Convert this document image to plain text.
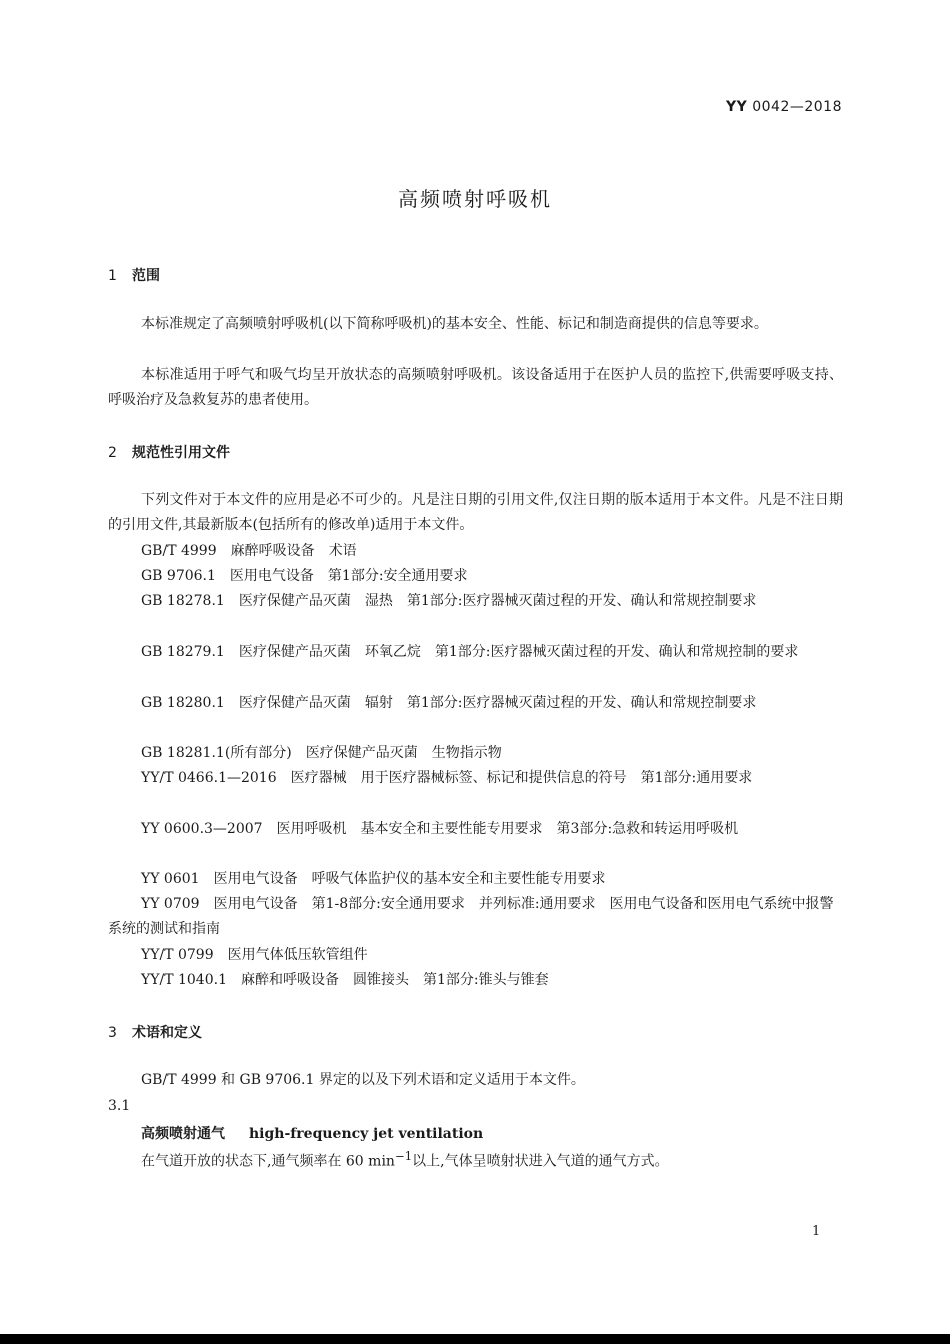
YY 0042—2018
高频喷射呼吸机
1 范围
本标准规定了高频喷射呼吸机(以下简称呼吸机)的基本安全、性能、标记和制造商提供的信息等要求。
本标准适用于呼气和吸气均呈开放状态的高频喷射呼吸机。该设备适用于在医护人员的监控下,供需要呼吸支持、呼吸治疗及急救复苏的患者使用。
2 规范性引用文件
下列文件对于本文件的应用是必不可少的。凡是注日期的引用文件,仅注日期的版本适用于本文件。凡是不注日期的引用文件,其最新版本(包括所有的修改单)适用于本文件。
GB/T 4999　麻醉呼吸设备　术语
GB 9706.1　医用电气设备　第1部分:安全通用要求
GB 18278.1　医疗保健产品灭菌　湿热　第1部分:医疗器械灭菌过程的开发、确认和常规控制要求
GB 18279.1　医疗保健产品灭菌　环氧乙烷　第1部分:医疗器械灭菌过程的开发、确认和常规控制的要求
GB 18280.1　医疗保健产品灭菌　辐射　第1部分:医疗器械灭菌过程的开发、确认和常规控制要求
GB 18281.1(所有部分)　医疗保健产品灭菌　生物指示物
YY/T 0466.1—2016　医疗器械　用于医疗器械标签、标记和提供信息的符号　第1部分:通用要求
YY 0600.3—2007　医用呼吸机　基本安全和主要性能专用要求　第3部分:急救和转运用呼吸机
YY 0601　医用电气设备　呼吸气体监护仪的基本安全和主要性能专用要求
YY 0709　医用电气设备　第1-8部分:安全通用要求　并列标准:通用要求　医用电气设备和医用电气系统中报警系统的测试和指南
YY/T 0799　医用气体低压软管组件
YY/T 1040.1　麻醉和呼吸设备　圆锥接头　第1部分:锥头与锥套
3 术语和定义
GB/T 4999 和 GB 9706.1 界定的以及下列术语和定义适用于本文件。
3.1
高频喷射通气 high-frequency jet ventilation
在气道开放的状态下,通气频率在 60 $\min^{-1}$以上,气体呈喷射状进入气道的通气方式。
1
